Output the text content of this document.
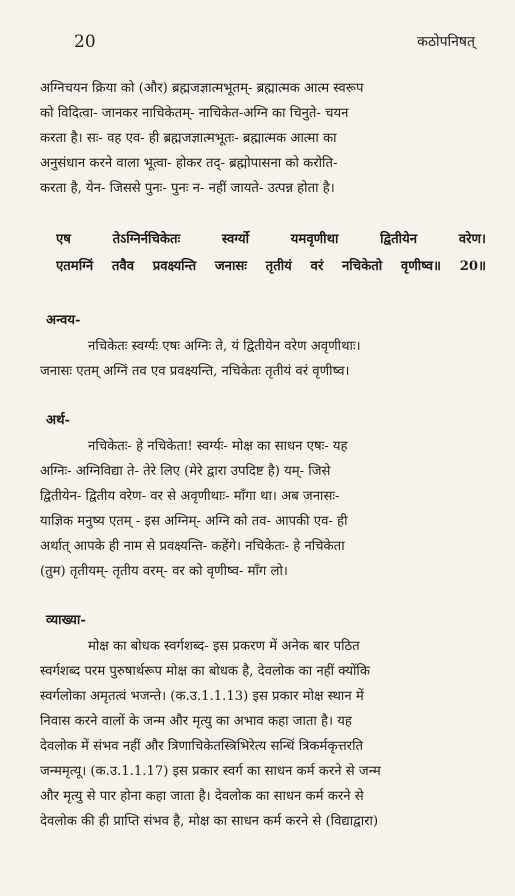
20	कठोपनिषत्
अग्निचयन क्रिया को (और) ब्रह्मजज्ञात्मभूतम्- ब्रह्मात्मक आत्म स्वरूप
को विदित्वा- जानकर नाचिकेतम्- नाचिकेत-अग्नि का चिनुते- चयन
करता है। सः- वह एव- ही ब्रह्मजज्ञात्मभूतः- ब्रह्मात्मक आत्मा का
अनुसंधान करने वाला भूत्वा- होकर तद्- ब्रह्मोपासना को करोति-
करता है, येन- जिससे पुनः- पुनः न- नहीं जायते- उत्पन्न होता है।
एष तेऽग्निर्नचिकेतः स्वर्ग्यो यमवृणीथा द्वितीयेन वरेण।
एतमग्निं तवैव प्रवक्ष्यन्ति जनासः तृतीयं वरं नचिकेतो वृणीष्व॥ 20॥
अन्वय-
नचिकेतः स्वर्ग्यः एषः अग्निः ते, यं द्वितीयेन वरेण अवृणीथाः।
जनासः एतम् अग्निं तव एव प्रवक्ष्यन्ति, नचिकेतः तृतीयं वरं वृणीष्व।
अर्थ-
नचिकेतः- हे नचिकेता! स्वर्ग्यः- मोक्ष का साधन एषः- यह
अग्निः- अग्निविद्या ते- तेरे लिए (मेरे द्वारा उपदिष्ट है) यम्- जिसे
द्वितीयेन- द्वितीय वरेण- वर से अवृणीथाः- माँगा था। अब जनासः-
याज्ञिक मनुष्य एतम् - इस अग्निम्- अग्नि को तव- आपकी एव- ही
अर्थात् आपके ही नाम से प्रवक्ष्यन्ति- कहेंगे। नचिकेतः- हे नचिकेता
(तुम) तृतीयम्- तृतीय वरम्- वर को वृणीष्व- माँग लो।
व्याख्या-
मोक्ष का बोधक स्वर्गशब्द- इस प्रकरण में अनेक बार पठित
स्वर्गशब्द परम पुरुषार्थरूप मोक्ष का बोधक है, देवलोक का नहीं क्योंकि
स्वर्गलोका अमृतत्वं भजन्ते। (क.उ.1.1.13) इस प्रकार मोक्ष स्थान में
निवास करने वालों के जन्म और मृत्यु का अभाव कहा जाता है। यह
देवलोक में संभव नहीं और त्रिणाचिकेतस्त्रिभिरेत्य सन्धिं त्रिकर्मकृत्तरति
जन्ममृत्यू। (क.उ.1.1.17) इस प्रकार स्वर्ग का साधन कर्म करने से जन्म
और मृत्यु से पार होना कहा जाता है। देवलोक का साधन कर्म करने से
देवलोक की ही प्राप्ति संभव है, मोक्ष का साधन कर्म करने से (विद्याद्वारा)
